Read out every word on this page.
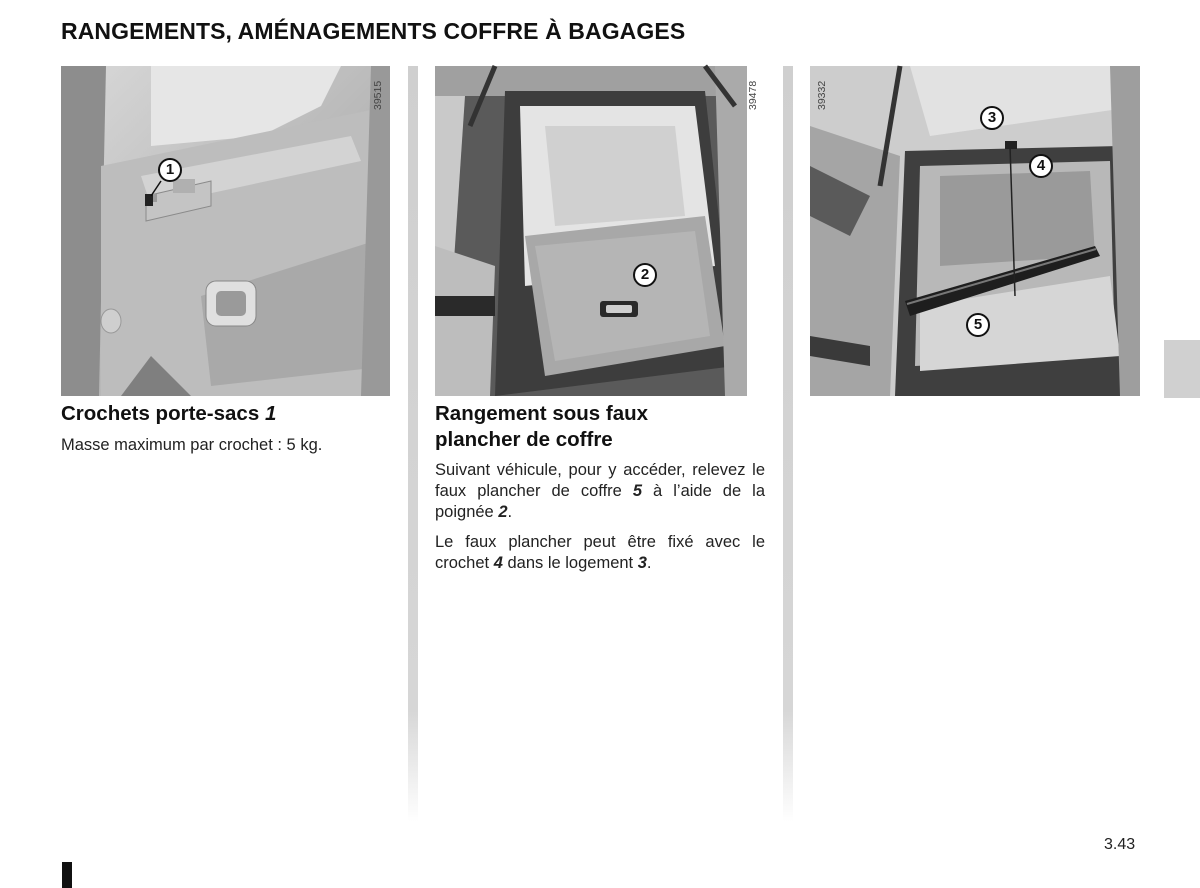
RANGEMENTS, AMÉNAGEMENTS COFFRE À BAGAGES
1
39515
2
39478
3
4
5
39332
Crochets porte-sacs 1

Masse maximum par crochet : 5 kg.

Rangement sous faux
plancher de coffre

Suivant véhicule, pour y accéder, relevez le faux plancher de coffre 5 à l’aide de la poignée 2.

Le faux plancher peut être fixé avec le crochet 4 dans le logement 3.

3.43
